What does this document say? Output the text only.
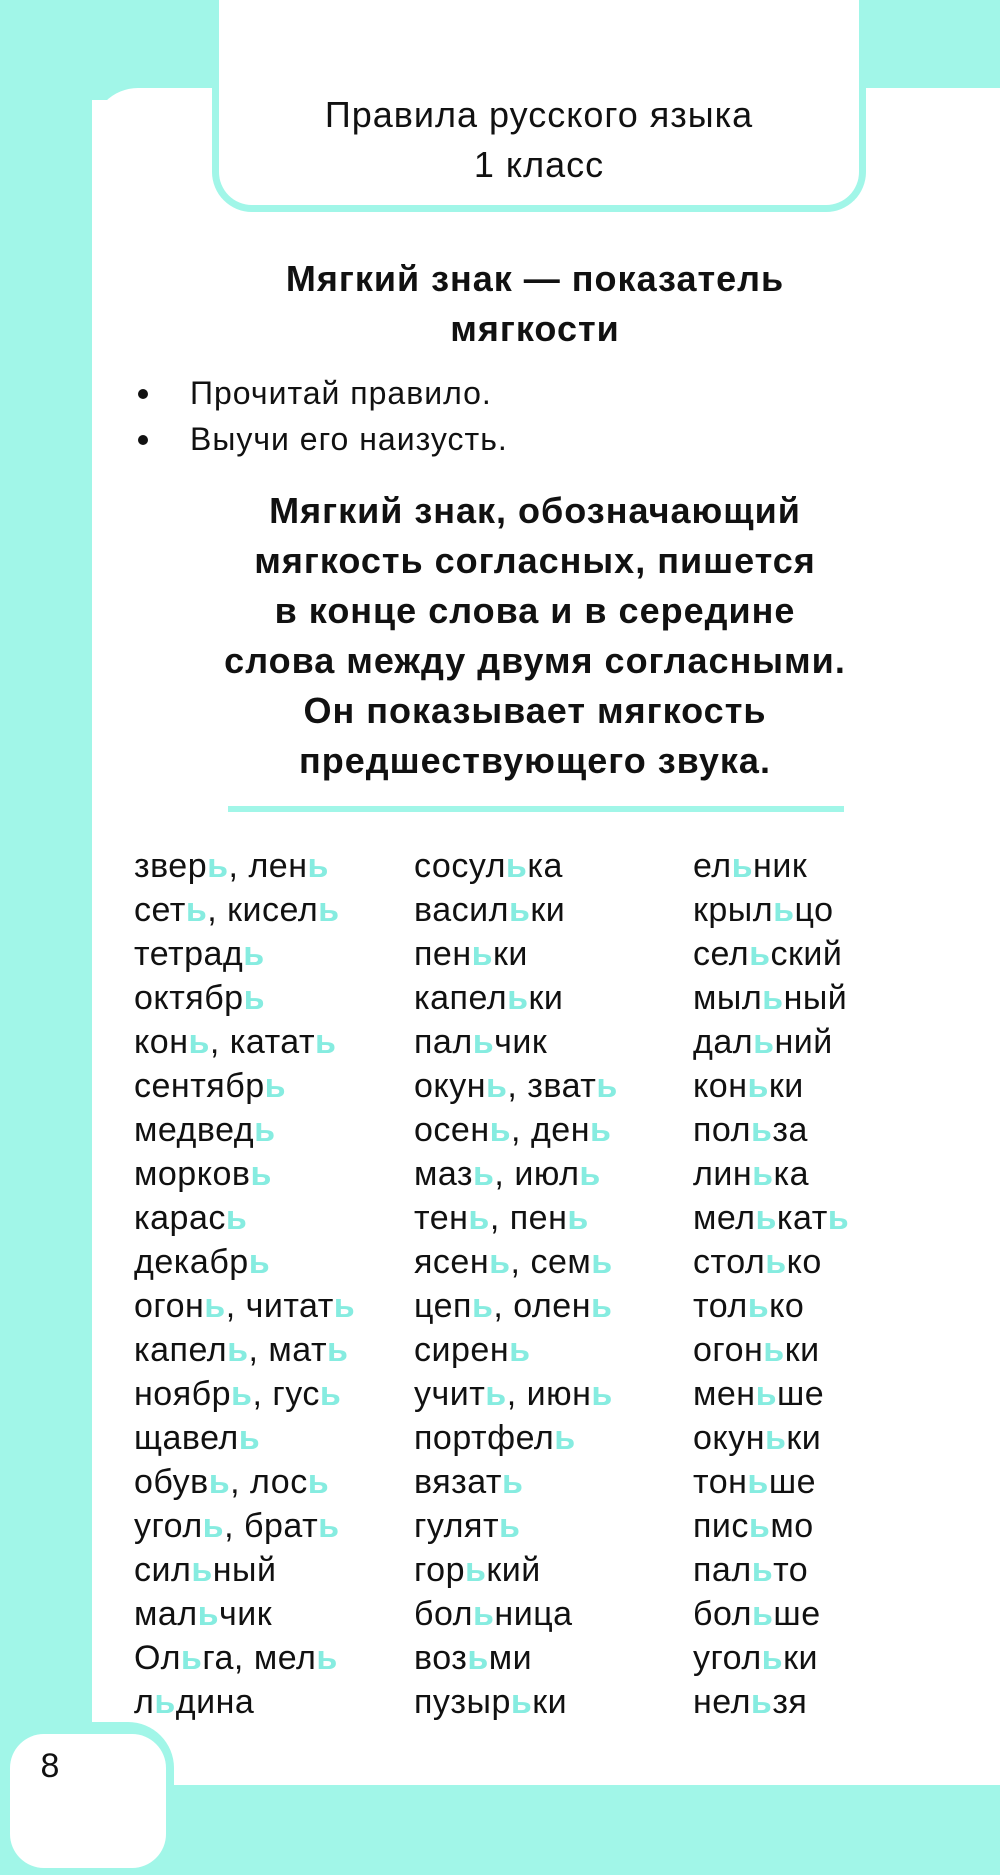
Правила русского языка
1 класс
Мягкий знак — показатель
мягкости
Прочитай правило.
Выучи его наизусть.
Мягкий знак, обозначающий
мягкость согласных, пишется
в конце слова и в середине
слова между двумя согласными.
Он показывает мягкость
предшествующего звука.
зверь, лень
сеть, кисель
тетрадь
октябрь
конь, катать
сентябрь
медведь
морковь
карась
декабрь
огонь, читать
капель, мать
ноябрь, гусь
щавель
обувь, лось
уголь, брать
сильный
мальчик
Ольга, мель
льдина
сосулька
васильки
пеньки
капельки
пальчик
окунь, звать
осень, день
мазь, июль
тень, пень
ясень, семь
цепь, олень
сирень
учить, июнь
портфель
вязать
гулять
горький
больница
возьми
пузырьки
ельник
крыльцо
сельский
мыльный
дальний
коньки
польза
линька
мелькать
столько
только
огоньки
меньше
окуньки
тоньше
письмо
пальто
больше
угольки
нельзя
8
